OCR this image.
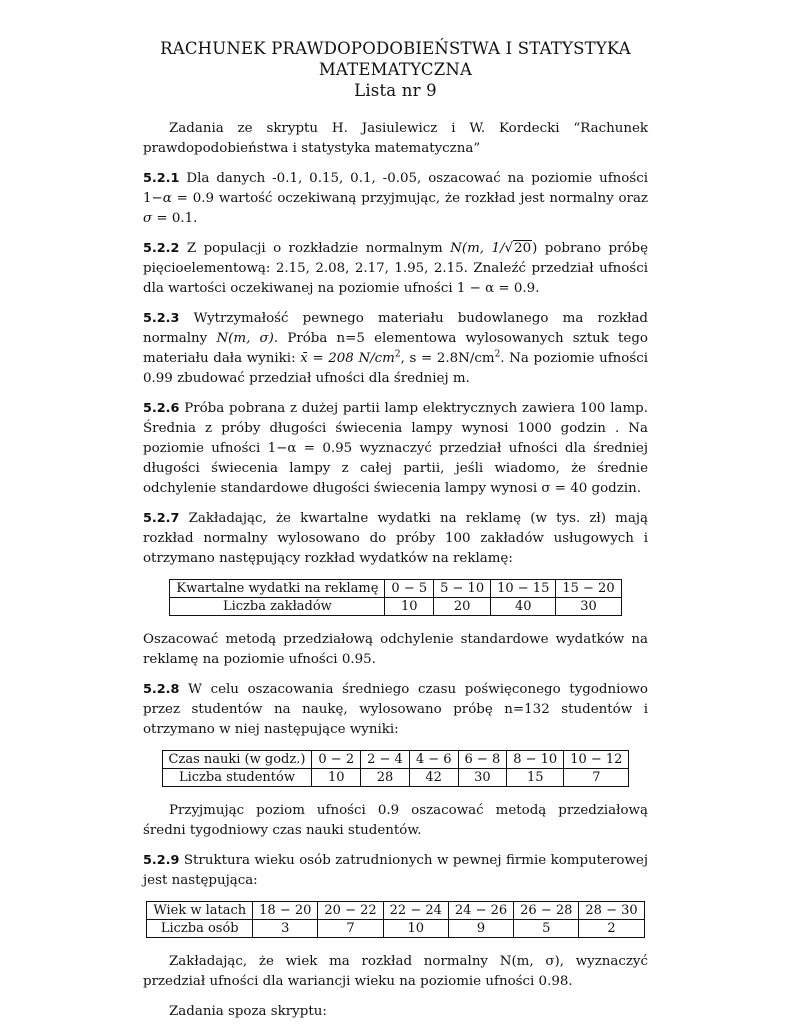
RACHUNEK PRAWDOPODOBIEŃSTWA I STATYSTYKA
MATEMATYCZNA
Lista nr 9

Zadania ze skryptu H. Jasiulewicz i W. Kordecki “Rachunek prawdopodobieństwa i statystyka matematyczna”

5.2.1 Dla danych -0.1, 0.15, 0.1, -0.05, oszacować na poziomie ufności 1−α = 0.9 wartość oczekiwaną przyjmując, że rozkład jest normalny oraz σ = 0.1.

5.2.2 Z populacji o rozkładzie normalnym N(m, 1/√20) pobrano próbę pięcioelementową: 2.15, 2.08, 2.17, 1.95, 2.15. Znaleźć przedział ufności dla wartości oczekiwanej na poziomie ufności 1 − α = 0.9.

5.2.3 Wytrzymałość pewnego materiału budowlanego ma rozkład normalny N(m, σ). Próba n=5 elementowa wylosowanych sztuk tego materiału dała wyniki: x̄ = 208 $N/cm^2$, $s = 2.8N/cm^2$. Na poziomie ufności 0.99 zbudować przedział ufności dla średniej m.

5.2.6 Próba pobrana z dużej partii lamp elektrycznych zawiera 100 lamp. Średnia z próby długości świecenia lampy wynosi 1000 godzin . Na poziomie ufności 1−α = 0.95 wyznaczyć przedział ufności dla średniej długości świecenia lampy z całej partii, jeśli wiadomo, że średnie odchylenie standardowe długości świecenia lampy wynosi σ = 40 godzin.

5.2.7 Zakładając, że kwartalne wydatki na reklamę (w tys. zł) mają rozkład normalny wylosowano do próby 100 zakładów usługowych i otrzymano następujący rozkład wydatków na reklamę:

Kwartalne wydatki na reklamę	0 − 5	5 − 10	10 − 15	15 − 20
Liczba zakładów	10	20	40	30

Oszacować metodą przedziałową odchylenie standardowe wydatków na reklamę na poziomie ufności 0.95.

5.2.8 W celu oszacowania średniego czasu poświęconego tygodniowo przez studentów na naukę, wylosowano próbę n=132 studentów i otrzymano w niej następujące wyniki:

Czas nauki (w godz.)	0 − 2	2 − 4	4 − 6	6 − 8	8 − 10	10 − 12
Liczba studentów	10	28	42	30	15	7

Przyjmując poziom ufności 0.9 oszacować metodą przedziałową średni tygodniowy czas nauki studentów.

5.2.9 Struktura wieku osób zatrudnionych w pewnej firmie komputerowej jest następująca:

Wiek w latach	18 − 20	20 − 22	22 − 24	24 − 26	26 − 28	28 − 30
Liczba osób	3	7	10	9	5	2

Zakładając, że wiek ma rozkład normalny N(m, σ), wyznaczyć przedział ufności dla wariancji wieku na poziomie ufności 0.98.

Zadania spoza skryptu:
